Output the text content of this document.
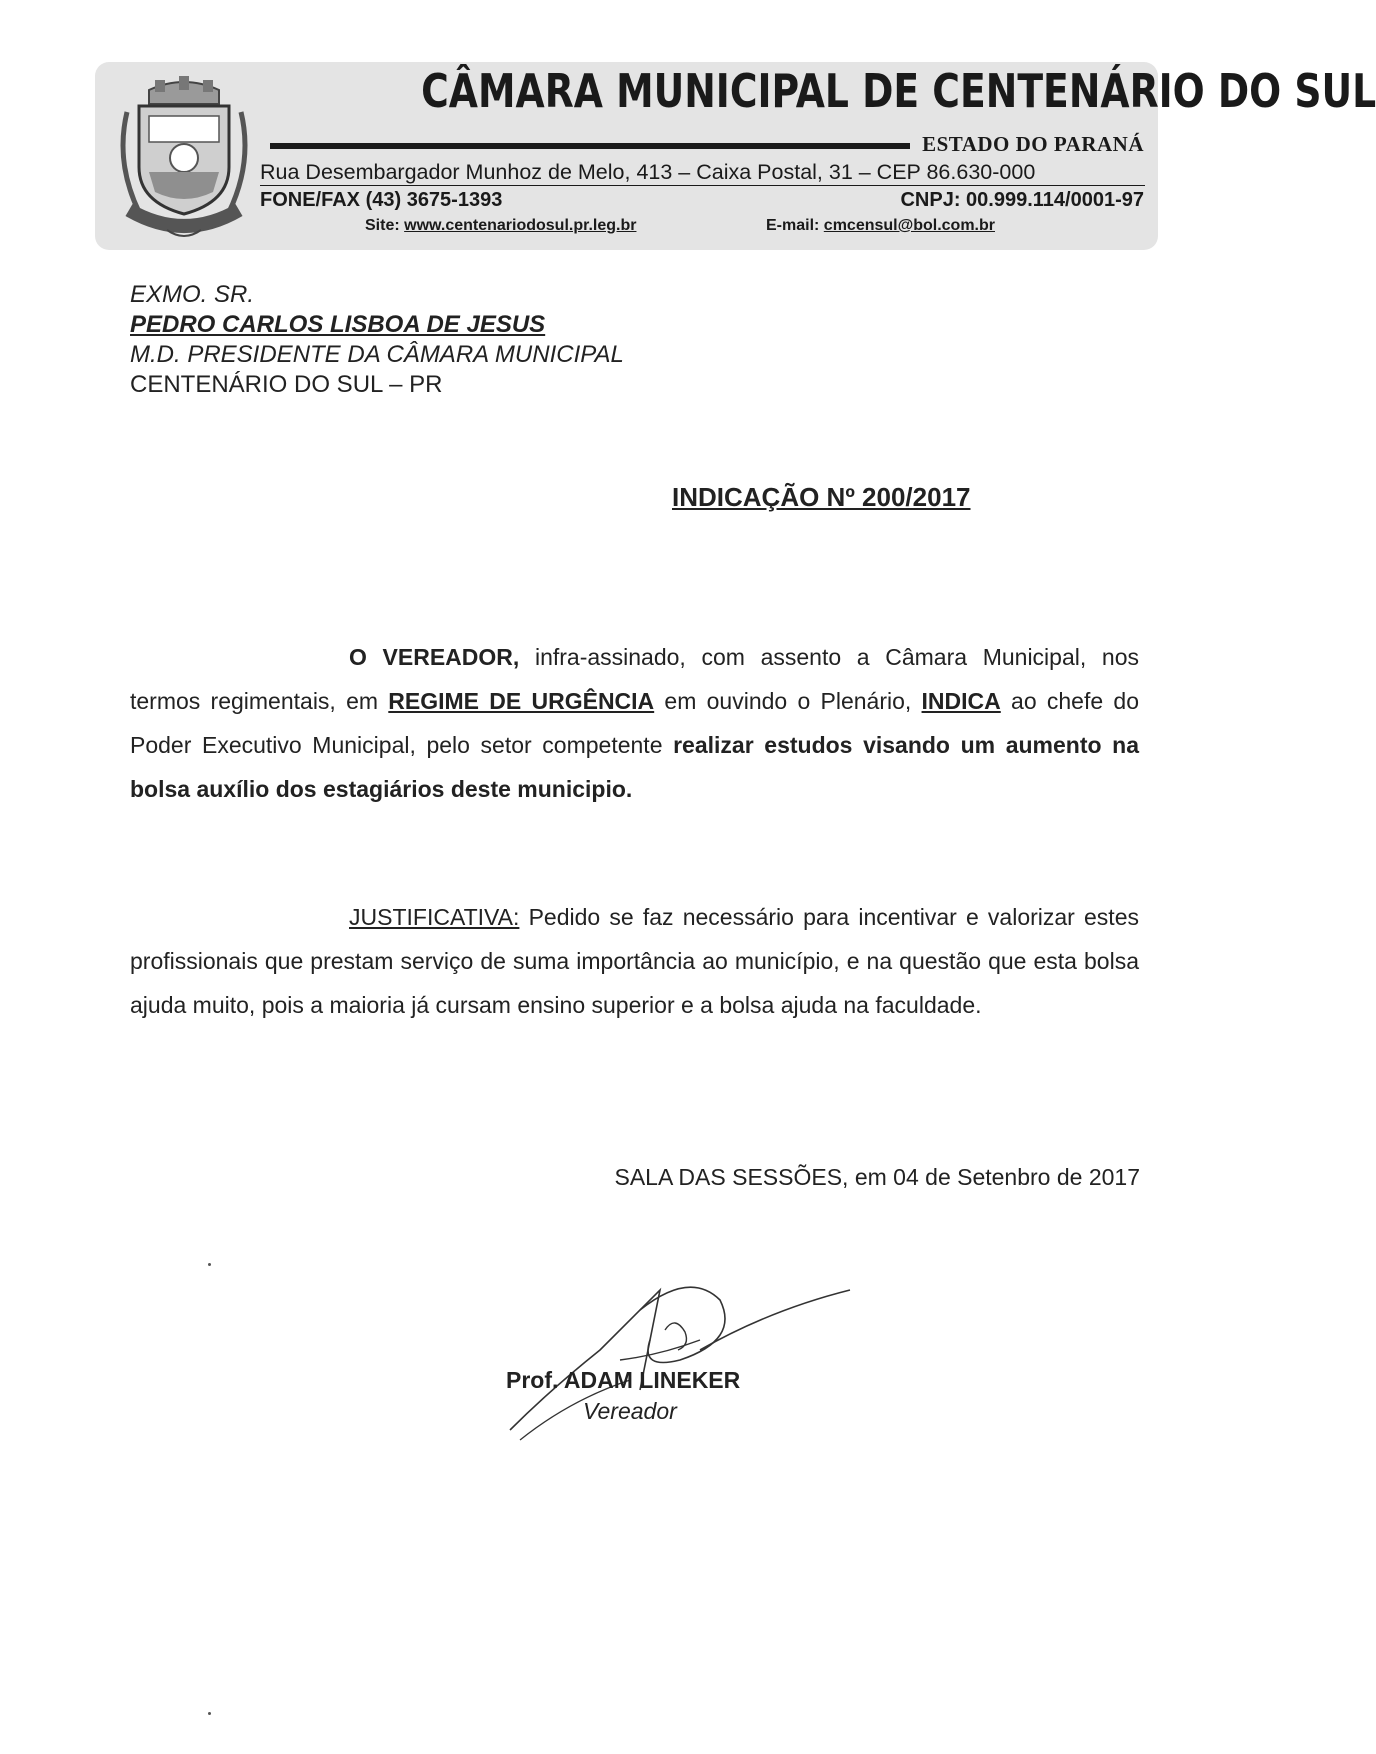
CÂMARA MUNICIPAL DE CENTENÁRIO DO SUL
ESTADO DO PARANÁ
Rua Desembargador Munhoz de Melo, 413 – Caixa Postal, 31 – CEP 86.630-000
FONE/FAX (43) 3675-1393	CNPJ: 00.999.114/0001-97
Site: www.centenariodosul.pr.leg.br	E-mail: cmcensul@bol.com.br
EXMO. SR.
PEDRO CARLOS LISBOA DE JESUS
M.D. PRESIDENTE DA CÂMARA MUNICIPAL
CENTENÁRIO DO SUL – PR
INDICAÇÃO Nº 200/2017
O VEREADOR, infra-assinado, com assento a Câmara Municipal, nos termos regimentais, em REGIME DE URGÊNCIA em ouvindo o Plenário, INDICA ao chefe do Poder Executivo Municipal, pelo setor competente realizar estudos visando um aumento na bolsa auxílio dos estagiários deste municipio.
JUSTIFICATIVA: Pedido se faz necessário para incentivar e valorizar estes profissionais que prestam serviço de suma importância ao município, e na questão que esta bolsa ajuda muito, pois a maioria já cursam ensino superior e a bolsa ajuda na faculdade.
SALA DAS SESSÕES, em 04 de Setenbro de 2017
Prof. ADAM LINEKER
Vereador
